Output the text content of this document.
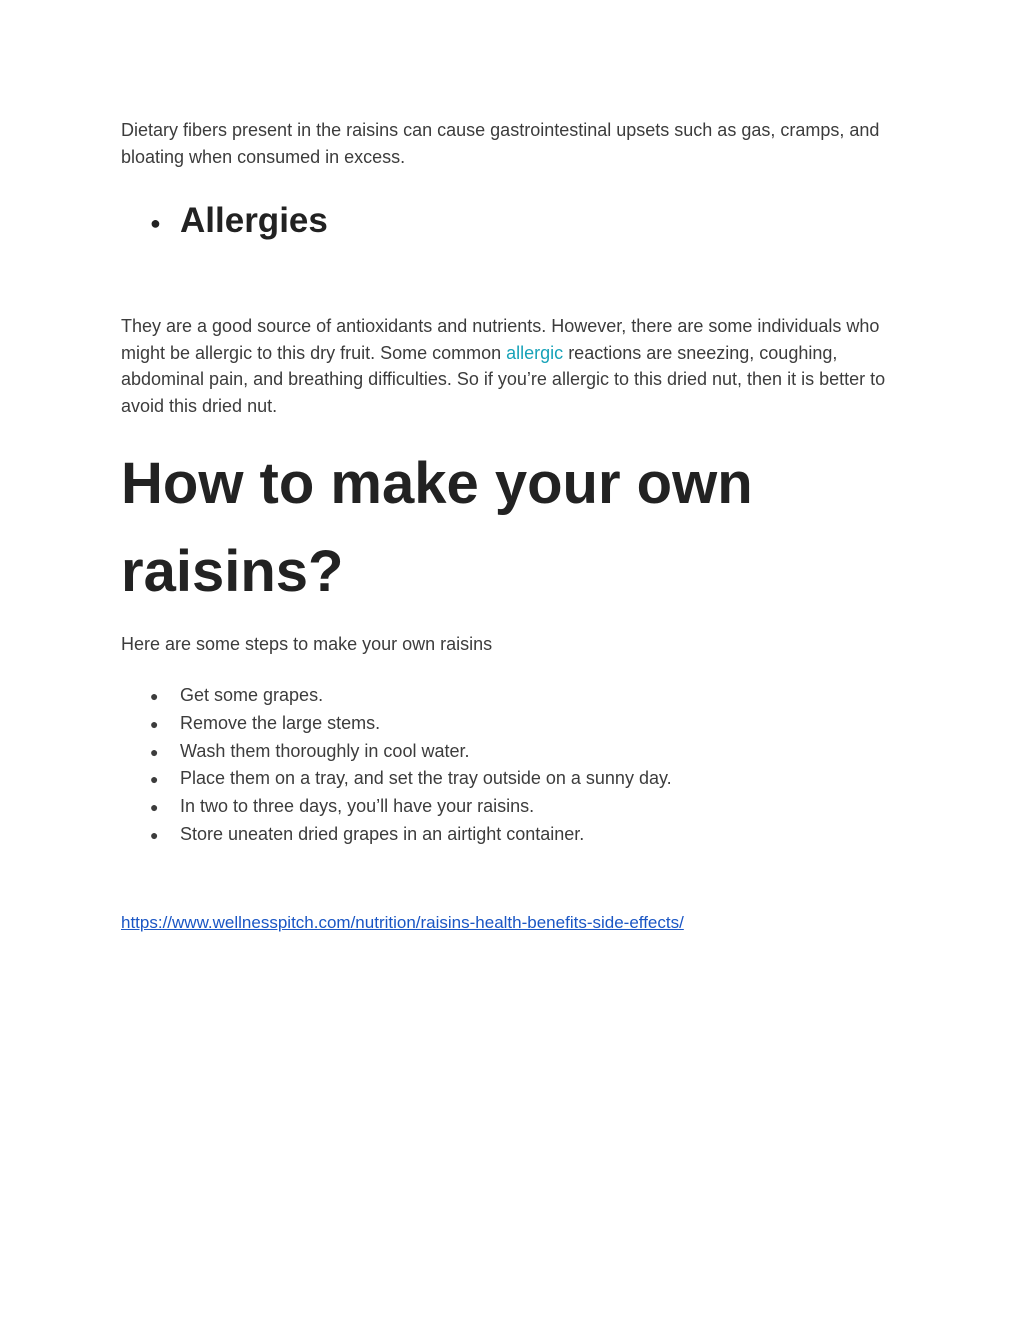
Dietary fibers present in the raisins can cause gastrointestinal upsets such as gas, cramps, and bloating when consumed in excess.

● Allergies

They are a good source of antioxidants and nutrients. However, there are some individuals who might be allergic to this dry fruit. Some common allergic reactions are sneezing, coughing, abdominal pain, and breathing difficulties. So if you’re allergic to this dried nut, then it is better to avoid this dried nut.

How to make your own raisins?

Here are some steps to make your own raisins

● Get some grapes.
● Remove the large stems.
● Wash them thoroughly in cool water.
● Place them on a tray, and set the tray outside on a sunny day.
● In two to three days, you’ll have your raisins.
● Store uneaten dried grapes in an airtight container.
https://www.wellnesspitch.com/nutrition/raisins-health-benefits-side-effects/
